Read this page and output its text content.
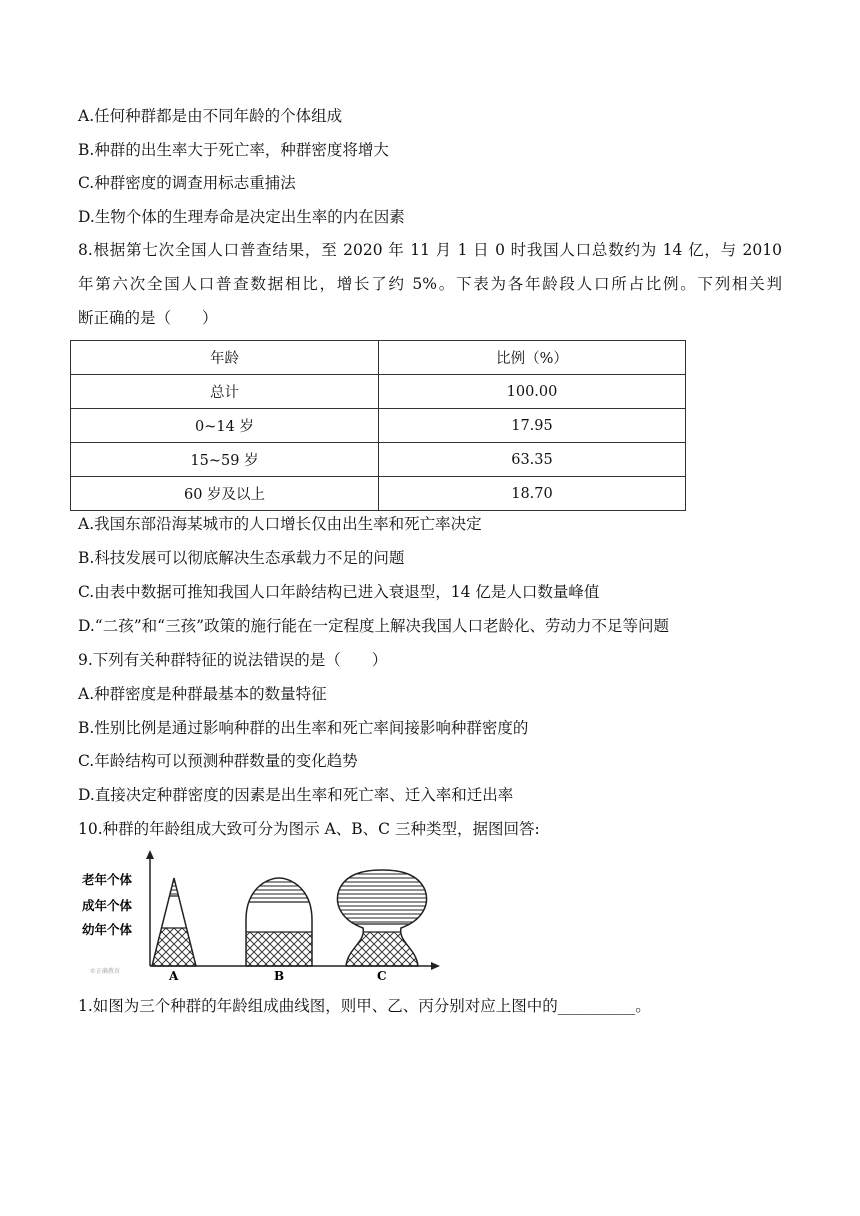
A.任何种群都是由不同年龄的个体组成
B.种群的出生率大于死亡率，种群密度将增大
C.种群密度的调查用标志重捕法
D.生物个体的生理寿命是决定出生率的内在因素
8.根据第七次全国人口普查结果，至 2020 年 11 月 1 日 0 时我国人口总数约为 14 亿，与 2010
年第六次全国人口普查数据相比，增长了约 5%。下表为各年龄段人口所占比例。下列相关判
断正确的是（　　）
年龄	比例（%）
总计	100.00
0~14 岁	17.95
15~59 岁	63.35
60 岁及以上	18.70
A.我国东部沿海某城市的人口增长仅由出生率和死亡率决定
B.科技发展可以彻底解决生态承载力不足的问题
C.由表中数据可推知我国人口年龄结构已进入衰退型，14 亿是人口数量峰值
D.“二孩”和“三孩”政策的施行能在一定程度上解决我国人口老龄化、劳动力不足等问题
9.下列有关种群特征的说法错误的是（　　）
A.种群密度是种群最基本的数量特征
B.性别比例是通过影响种群的出生率和死亡率间接影响种群密度的
C.年龄结构可以预测种群数量的变化趋势
D.直接决定种群密度的因素是出生率和死亡率、迁入率和迁出率
10.种群的年龄组成大致可分为图示 A、B、C 三种类型，据图回答:
老年个体
成年个体
幼年个体
©正确教育	A	B	C
1.如图为三个种群的年龄组成曲线图，则甲、乙、丙分别对应上图中的__________。
